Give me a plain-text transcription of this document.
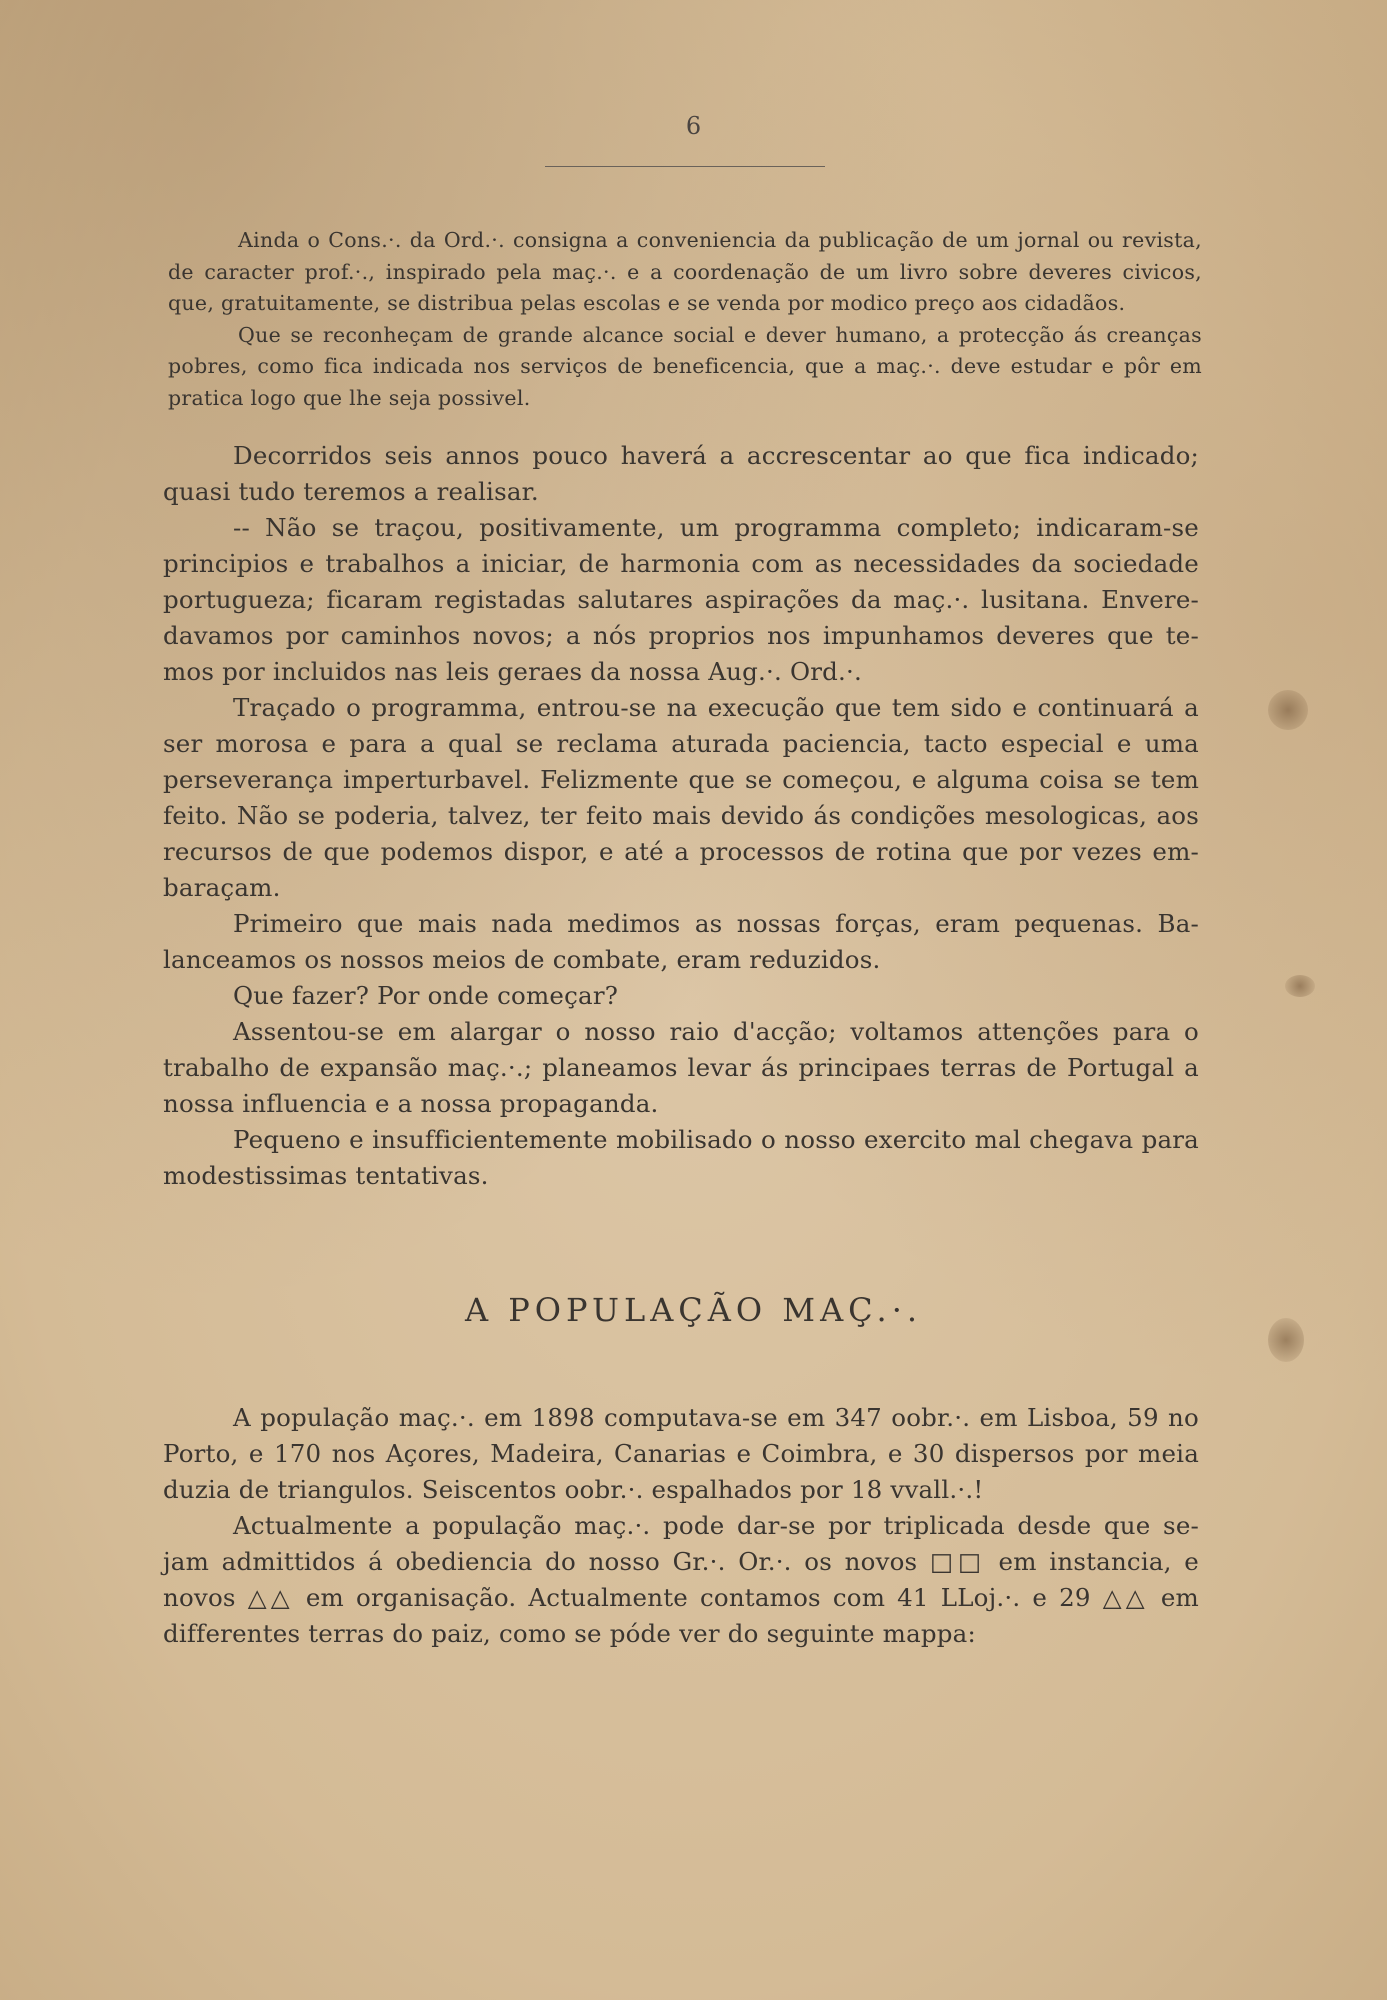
6

Ainda o Cons.·. da Ord.·. consigna a conveniencia da publicação de um jornal ou revista, de caracter prof.·., inspirado pela maç.·. e a coordenação de um livro sobre deveres civicos, que, gratuitamente, se distribua pelas escolas e se venda por modico preço aos cidadãos.

Que se reconheçam de grande alcance social e dever humano, a protecção ás creanças pobres, como fica indicada nos serviços de beneficencia, que a maç.·. deve estudar e pôr em pratica logo que lhe seja possivel.

Decorridos seis annos pouco haverá a accrescentar ao que fica indicado; quasi tudo teremos a realisar.

-- Não se traçou, positivamente, um programma completo; indicaram-se principios e trabalhos a iniciar, de harmonia com as necessidades da sociedade portugueza; ficaram registadas salutares aspirações da maç.·. lusitana. Envere-davamos por caminhos novos; a nós proprios nos impunhamos deveres que te-mos por incluidos nas leis geraes da nossa Aug.·. Ord.·.

Traçado o programma, entrou-se na execução que tem sido e continuará a ser morosa e para a qual se reclama aturada paciencia, tacto especial e uma perseverança imperturbavel. Felizmente que se começou, e alguma coisa se tem feito. Não se poderia, talvez, ter feito mais devido ás condições mesologicas, aos recursos de que podemos dispor, e até a processos de rotina que por vezes em-baraçam.

Primeiro que mais nada medimos as nossas forças, eram pequenas. Ba-lanceamos os nossos meios de combate, eram reduzidos.

Que fazer? Por onde começar?

Assentou-se em alargar o nosso raio d'acção; voltamos attenções para o trabalho de expansão maç.·.; planeamos levar ás principaes terras de Portugal a nossa influencia e a nossa propaganda.

Pequeno e insufficientemente mobilisado o nosso exercito mal chegava para modestissimas tentativas.

A POPULAÇÃO MAÇ.·.

A população maç.·. em 1898 computava-se em 347 oobr.·. em Lisboa, 59 no Porto, e 170 nos Açores, Madeira, Canarias e Coimbra, e 30 dispersos por meia duzia de triangulos. Seiscentos oobr.·. espalhados por 18 vvall.·.!

Actualmente a população maç.·. pode dar-se por triplicada desde que se-jam admittidos á obediencia do nosso Gr.·. Or.·. os novos □□ em instancia, e novos △△ em organisação. Actualmente contamos com 41 LLoj.·. e 29 △△ em differentes terras do paiz, como se póde ver do seguinte mappa:
